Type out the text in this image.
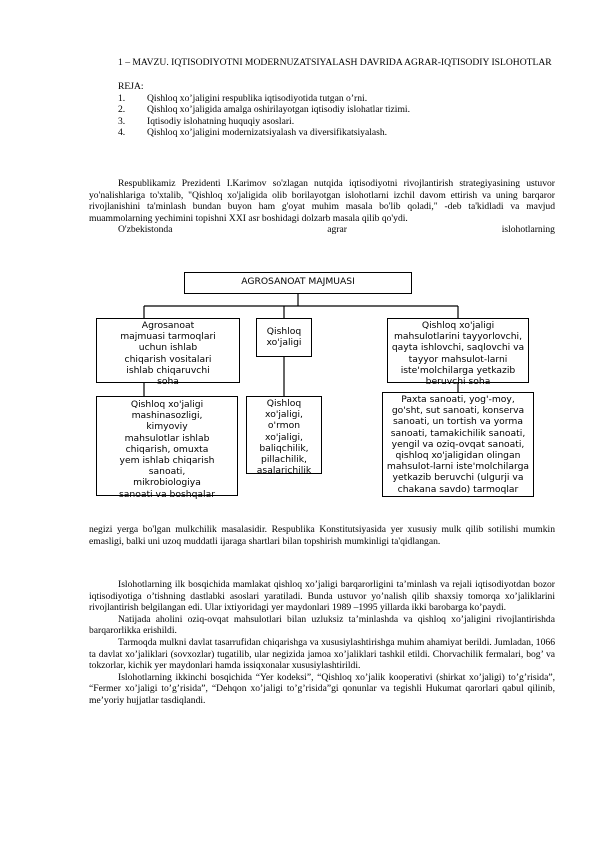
1 – MAVZU. IQTISODIYOTNI MODERNUZATSIYALASH DAVRIDA AGRAR-IQTISODIY ISLOHOTLAR
REJA:
1.	Qishloq xo’jaligini respublika iqtisodiyotida tutgan o’rni.
2.	Qishloq xo’jaligida amalga oshirilayotgan iqtisodiy islohatlar tizimi.
3.	Iqtisodiy islohatning huquqiy asoslari.
4.	Qishloq xo’jaligini modernizatsiyalash va diversifikatsiyalash.
Respublikamiz Prezidenti I.Karimov so'zlagan nutqida iqtisodiyotni rivojlantirish strategiyasining ustuvor yo'nalishlariga to'xtalib, "Qishloq xo'jaligida olib borilayotgan islohotlarni izchil davom ettirish va uning barqaror rivojlanishini ta'minlash bundan buyon ham g'oyat muhim masala bo'lib qoladi," -deb ta'kidladi va mavjud muammolarning yechimini topishni XXI asr boshidagi dolzarb masala qilib qo'ydi.
O'zbekistonda	agrar	islohotlarning
AGROSANOAT MAJMUASI
Agrosanoat
majmuasi tarmoqlari
uchun ishlab
chiqarish vositalari
ishlab chiqaruvchi
soha
Qishloq
xo'jaligi
Qishloq xo'jaligi
mahsulotlarini tayyorlovchi,
qayta ishlovchi, saqlovchi va
tayyor mahsulot-larni
iste'molchilarga yetkazib
beruvchi soha
Qishloq xo'jaligi
mashinasozligi,
kimyoviy
mahsulotlar ishlab
chiqarish, omuxta
yem ishlab chiqarish
sanoati,
mikrobiologiya
sanoati va boshqalar
Qishloq
xo'jaligi,
o'rmon
xo'jaligi,
baliqchilik,
pillachilik,
asalarichilik
Paxta sanoati, yog'-moy,
go'sht, sut sanoati, konserva
sanoati, un tortish va yorma
sanoati, tamakichilik sanoati,
yengil va oziq-ovqat sanoati,
qishloq xo'jaligidan olingan
mahsulot-larni iste'molchilarga
yetkazib beruvchi (ulgurji va
chakana savdo) tarmoqlar
negizi yerga bo'lgan mulkchilik masalasidir. Respublika Konstitutsiyasida yer xususiy mulk qilib sotilishi mumkin emasligi, balki uni uzoq muddatli ijaraga shartlari bilan topshirish mumkinligi ta'qidlangan.
Islohotlarning ilk bosqichida mamlakat qishloq xo’jaligi barqarorligini ta’minlash va rejali iqtisodiyotdan bozor iqtisodiyotiga o’tishning dastlabki asoslari yaratiladi. Bunda ustuvor yo’nalish qilib shaxsiy tomorqa xo’jaliklarini rivojlantirish belgilangan edi. Ular ixtiyoridagi yer maydonlari 1989 –1995 yillarda ikki barobarga ko’paydi.
Natijada aholini oziq-ovqat mahsulotlari bilan uzluksiz ta’minlashda va qishloq xo’jaligini rivojlantirishda barqarorlikka erishildi.
Tarmoqda mulkni davlat tasarrufidan chiqarishga va xususiylashtirishga muhim ahamiyat berildi. Jumladan, 1066 ta davlat xo’jaliklari (sovxozlar) tugatilib, ular negizida jamoa xo’jaliklari tashkil etildi. Chorvachilik fermalari, bog’ va tokzorlar, kichik yer maydonlari hamda issiqxonalar xususiylashtirildi.
Islohotlarning ikkinchi bosqichida “Yer kodeksi”, “Qishloq xo’jalik kooperativi (shirkat xo’jaligi) to’g’risida”, “Fermer xo’jaligi to’g’risida”, “Dehqon xo’jaligi to’g’risida”gi qonunlar va tegishli Hukumat qarorlari qabul qilinib, me’yoriy hujjatlar tasdiqlandi.
